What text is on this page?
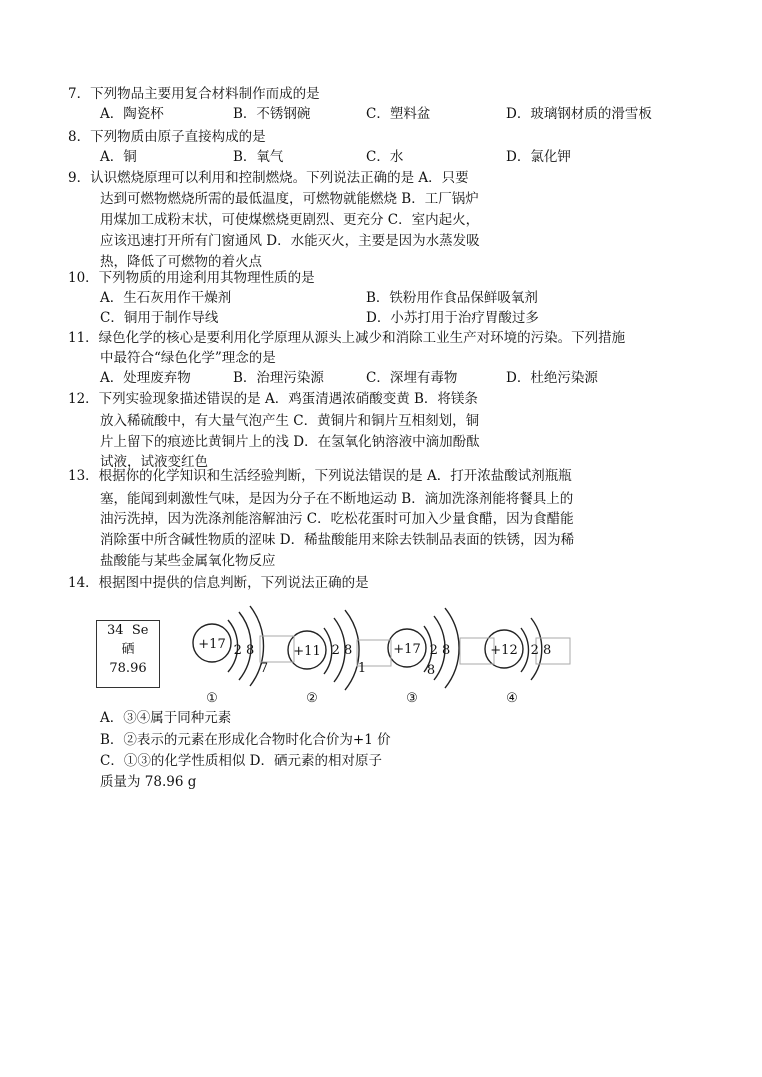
7．下列物品主要用复合材料制作而成的是
A．陶瓷杯	B．不锈钢碗	C．塑料盆	D．玻璃钢材质的滑雪板
8．下列物质由原子直接构成的是
A．铜	B．氧气	C．水	D．氯化钾
9．认识燃烧原理可以利用和控制燃烧。下列说法正确的是 A．只要
达到可燃物燃烧所需的最低温度，可燃物就能燃烧 B．工厂锅炉
用煤加工成粉末状，可使煤燃烧更剧烈、更充分 C．室内起火，
应该迅速打开所有门窗通风 D．水能灭火，主要是因为水蒸发吸
热，降低了可燃物的着火点
10．下列物质的用途利用其物理性质的是
A．生石灰用作干燥剂	B．铁粉用作食品保鲜吸氧剂
C．铜用于制作导线	D．小苏打用于治疗胃酸过多
11．绿色化学的核心是要利用化学原理从源头上减少和消除工业生产对环境的污染。下列措施
中最符合“绿色化学”理念的是
A．处理废弃物	B．治理污染源	C．深埋有毒物	D．杜绝污染源
12．下列实验现象描述错误的是 A．鸡蛋清遇浓硝酸变黄 B．将镁条
放入稀硫酸中，有大量气泡产生 C．黄铜片和铜片互相刻划，铜
片上留下的痕迹比黄铜片上的浅 D．在氢氧化钠溶液中滴加酚酞
试液，试液变红色
13．根据你的化学知识和生活经验判断，下列说法错误的是 A．打开浓盐酸试剂瓶瓶
塞，能闻到刺激性气味，是因为分子在不断地运动 B．滴加洗涤剂能将餐具上的
油污洗掉，因为洗涤剂能溶解油污 C．吃松花蛋时可加入少量食醋，因为食醋能
消除蛋中所含碱性物质的涩味 D．稀盐酸能用来除去铁制品表面的铁锈，因为稀
盐酸能与某些金属氧化物反应
14．根据图中提供的信息判断，下列说法正确的是
34 Se
硒
78.96
+17 2 8
7
+11 2 8
1
+17 2 8
8
+12 2 8
①	②	③	④
A．③④属于同种元素
B．②表示的元素在形成化合物时化合价为+1 价
C．①③的化学性质相似 D．硒元素的相对原子
质量为 78.96 g
